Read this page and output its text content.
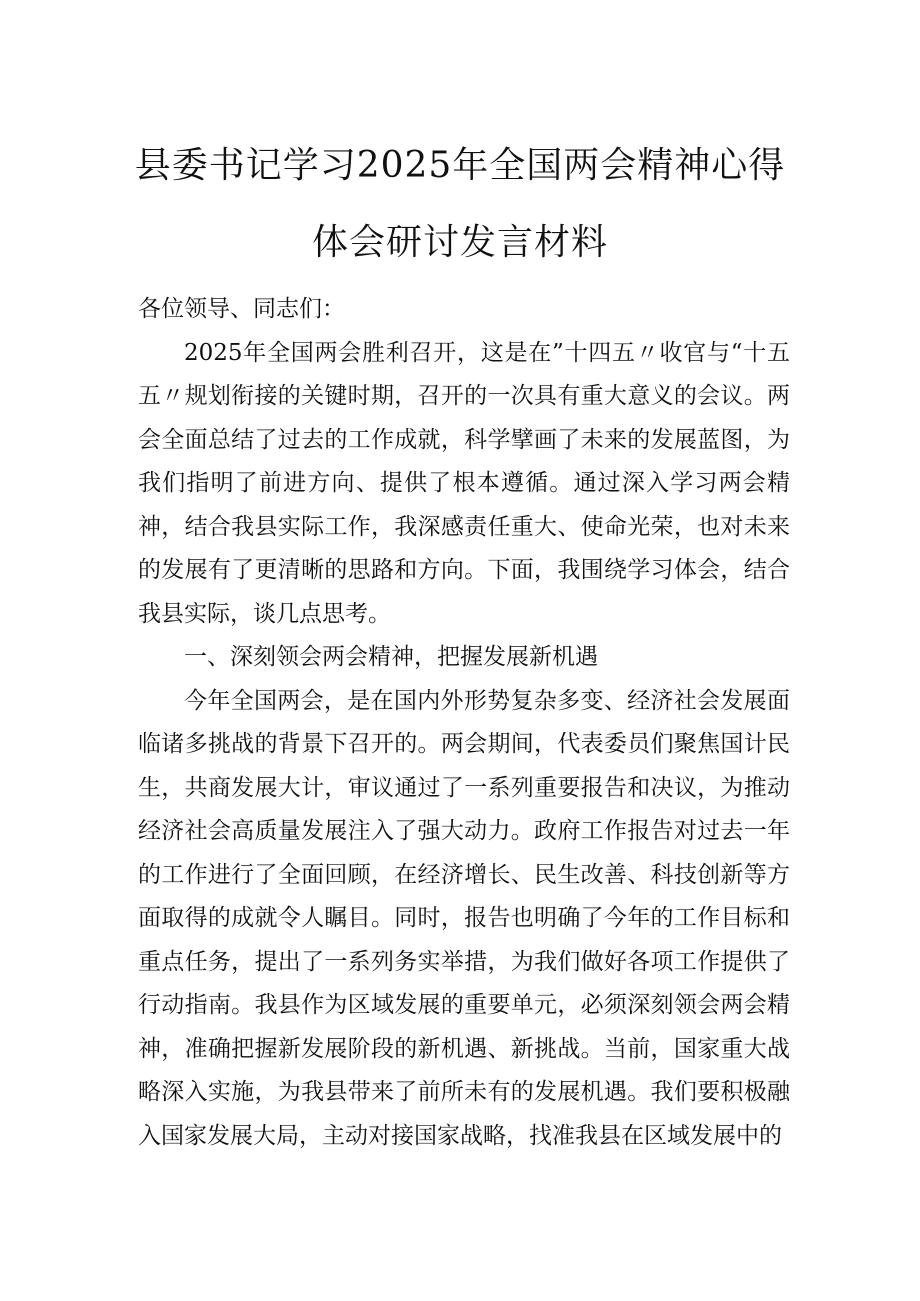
县委书记学习2025年全国两会精神心得
体会研讨发言材料

各位领导、同志们：

2025年全国两会胜利召开，这是在”十四五〃收官与“十五五〃规划衔接的关键时期，召开的一次具有重大意义的会议。两会全面总结了过去的工作成就，科学擘画了未来的发展蓝图，为我们指明了前进方向、提供了根本遵循。通过深入学习两会精神，结合我县实际工作，我深感责任重大、使命光荣，也对未来的发展有了更清晰的思路和方向。下面，我围绕学习体会，结合我县实际，谈几点思考。

一、深刻领会两会精神，把握发展新机遇

今年全国两会，是在国内外形势复杂多变、经济社会发展面临诸多挑战的背景下召开的。两会期间，代表委员们聚焦国计民生，共商发展大计，审议通过了一系列重要报告和决议，为推动经济社会高质量发展注入了强大动力。政府工作报告对过去一年的工作进行了全面回顾，在经济增长、民生改善、科技创新等方面取得的成就令人瞩目。同时，报告也明确了今年的工作目标和重点任务，提出了一系列务实举措，为我们做好各项工作提供了行动指南。我县作为区域发展的重要单元，必须深刻领会两会精神，准确把握新发展阶段的新机遇、新挑战。当前，国家重大战略深入实施，为我县带来了前所未有的发展机遇。我们要积极融入国家发展大局，主动对接国家战略，找准我县在区域发展中的
